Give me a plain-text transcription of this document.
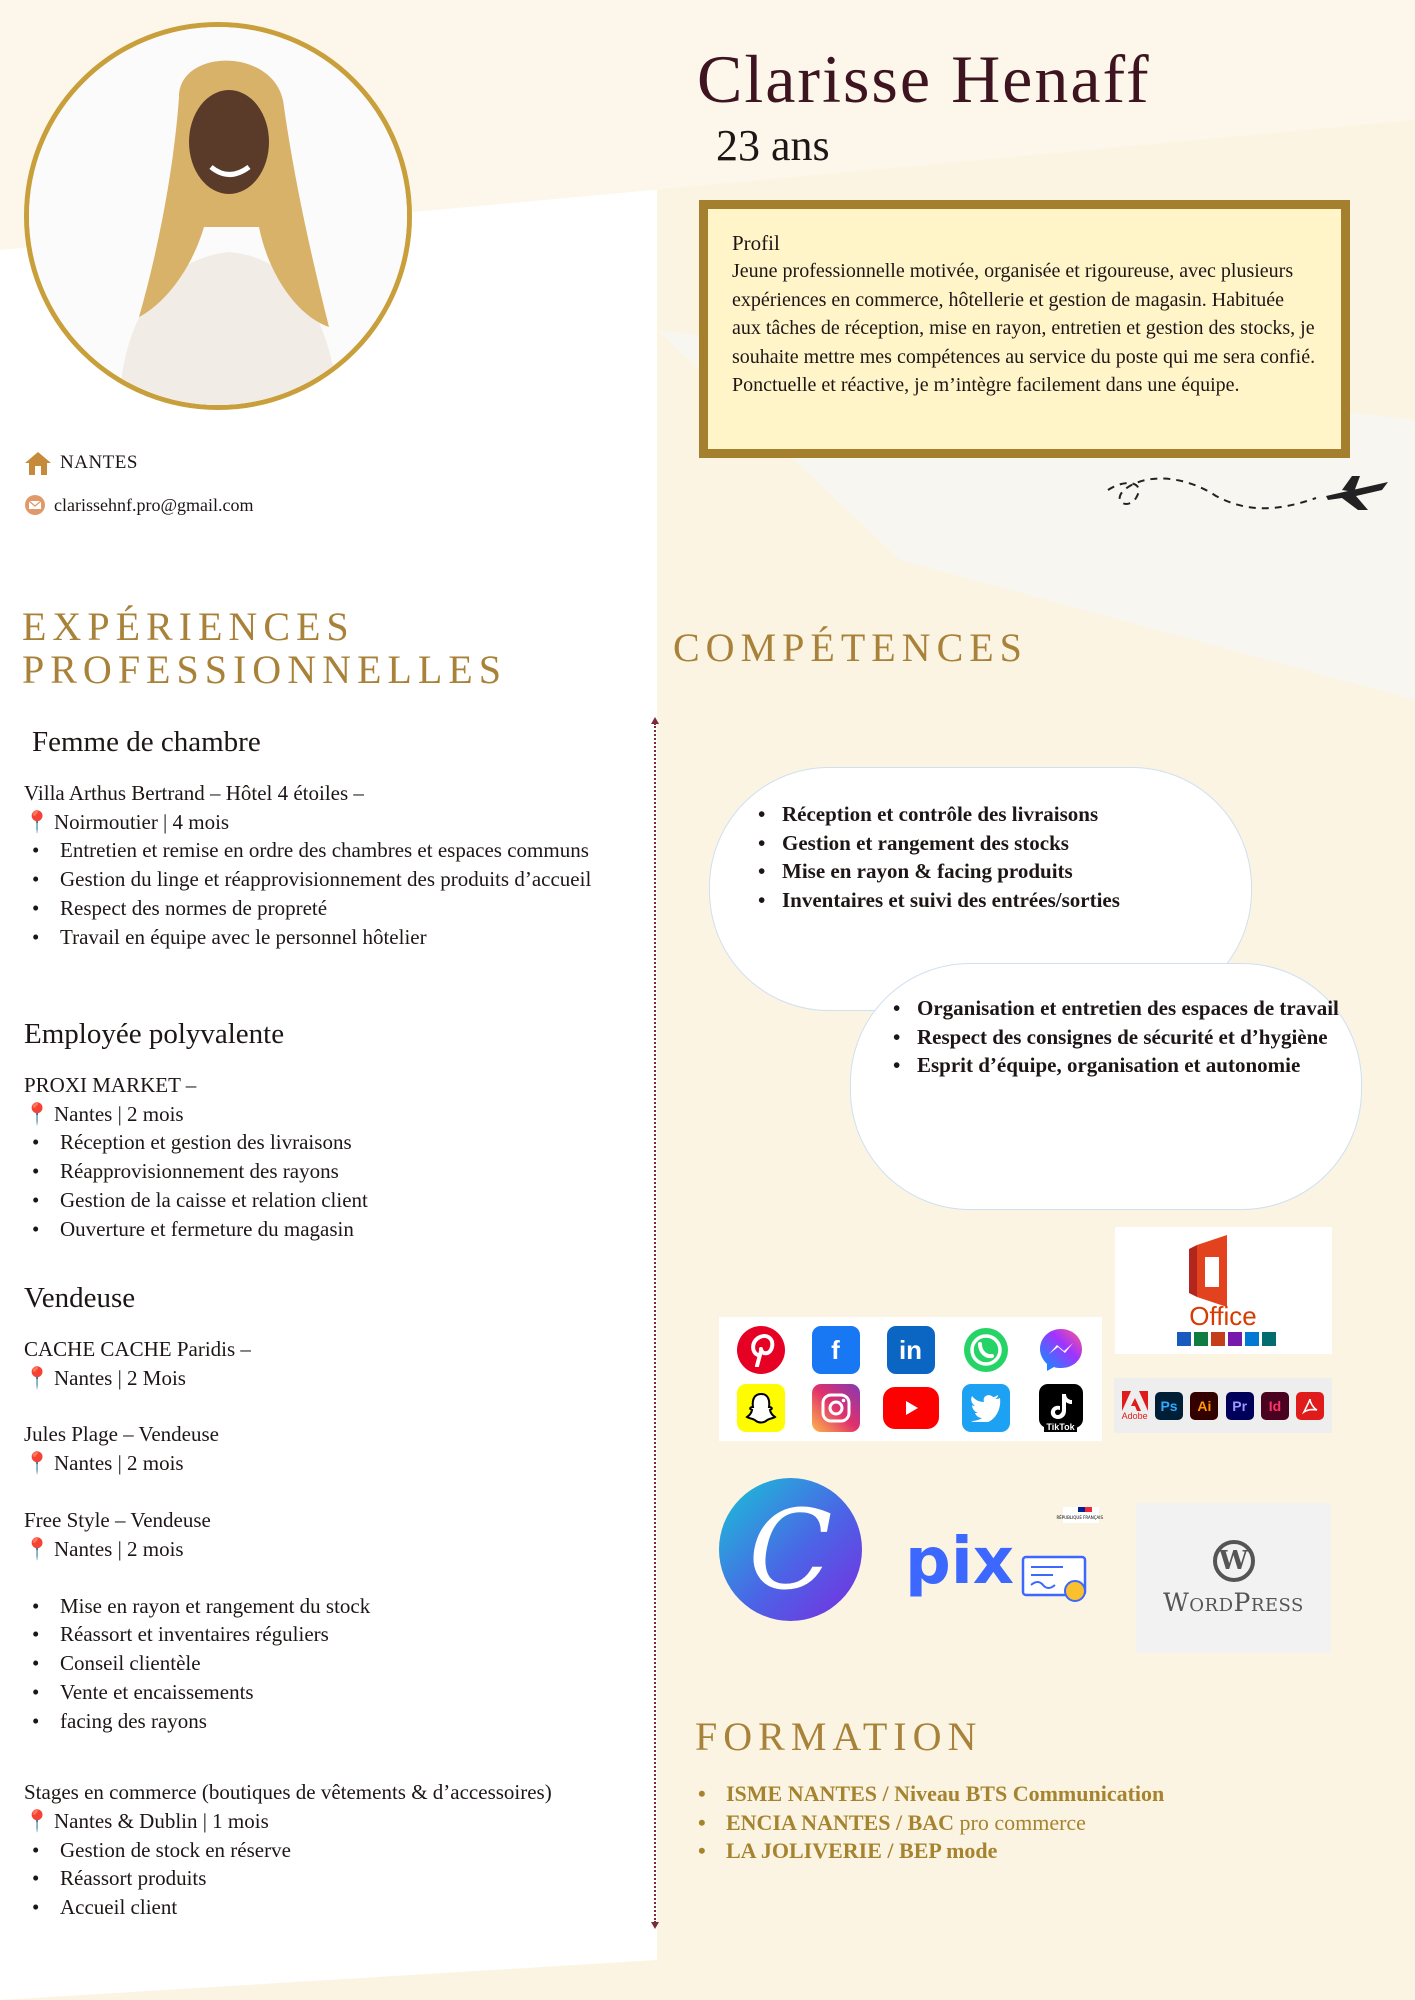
Clarisse Henaff
23 ans
Profil
Jeune professionnelle motivée, organisée et rigoureuse, avec plusieurs expériences en commerce, hôtellerie et gestion de magasin. Habituée aux tâches de réception, mise en rayon, entretien et gestion des stocks, je souhaite mettre mes compétences au service du poste qui me sera confié. Ponctuelle et réactive, je m’intègre facilement dans une équipe.
NANTES
clarissehnf.pro@gmail.com
EXPÉRIENCES PROFESSIONNELLES	COMPÉTENCES
FORMATION
Femme de chambre
Villa Arthus Bertrand – Hôtel 4 étoiles –
📍 Noirmoutier | 4 mois
• Entretien et remise en ordre des chambres et espaces communs
• Gestion du linge et réapprovisionnement des produits d’accueil
• Respect des normes de propreté
• Travail en équipe avec le personnel hôtelier
Employée polyvalente
PROXI MARKET –
📍 Nantes | 2 mois
• Réception et gestion des livraisons
• Réapprovisionnement des rayons
• Gestion de la caisse et relation client
• Ouverture et fermeture du magasin
Vendeuse
CACHE CACHE Paridis –
📍 Nantes | 2 Mois
Jules Plage – Vendeuse
📍 Nantes | 2 mois
Free Style – Vendeuse
📍 Nantes | 2 mois
• Mise en rayon et rangement du stock
• Réassort et inventaires réguliers
• Conseil clientèle
• Vente et encaissements
• facing des rayons
Stages en commerce (boutiques de vêtements & d’accessoires)
📍 Nantes & Dublin | 1 mois
• Gestion de stock en réserve
• Réassort produits
• Accueil client
• Réception et contrôle des livraisons
• Gestion et rangement des stocks
• Mise en rayon & facing produits
• Inventaires et suivi des entrées/sorties
• Organisation et entretien des espaces de travail
• Respect des consignes de sécurité et d’hygiène
• Esprit d’équipe, organisation et autonomie
Office
Adobe
Ps	Ai	Pr	Id
f	in
TikTok
C	pix
RÉPUBLIQUE FRANÇAISE
W
WordPress
• ISME NANTES / Niveau BTS Communication
• ENCIA NANTES / BAC pro commerce
• LA JOLIVERIE / BEP mode
